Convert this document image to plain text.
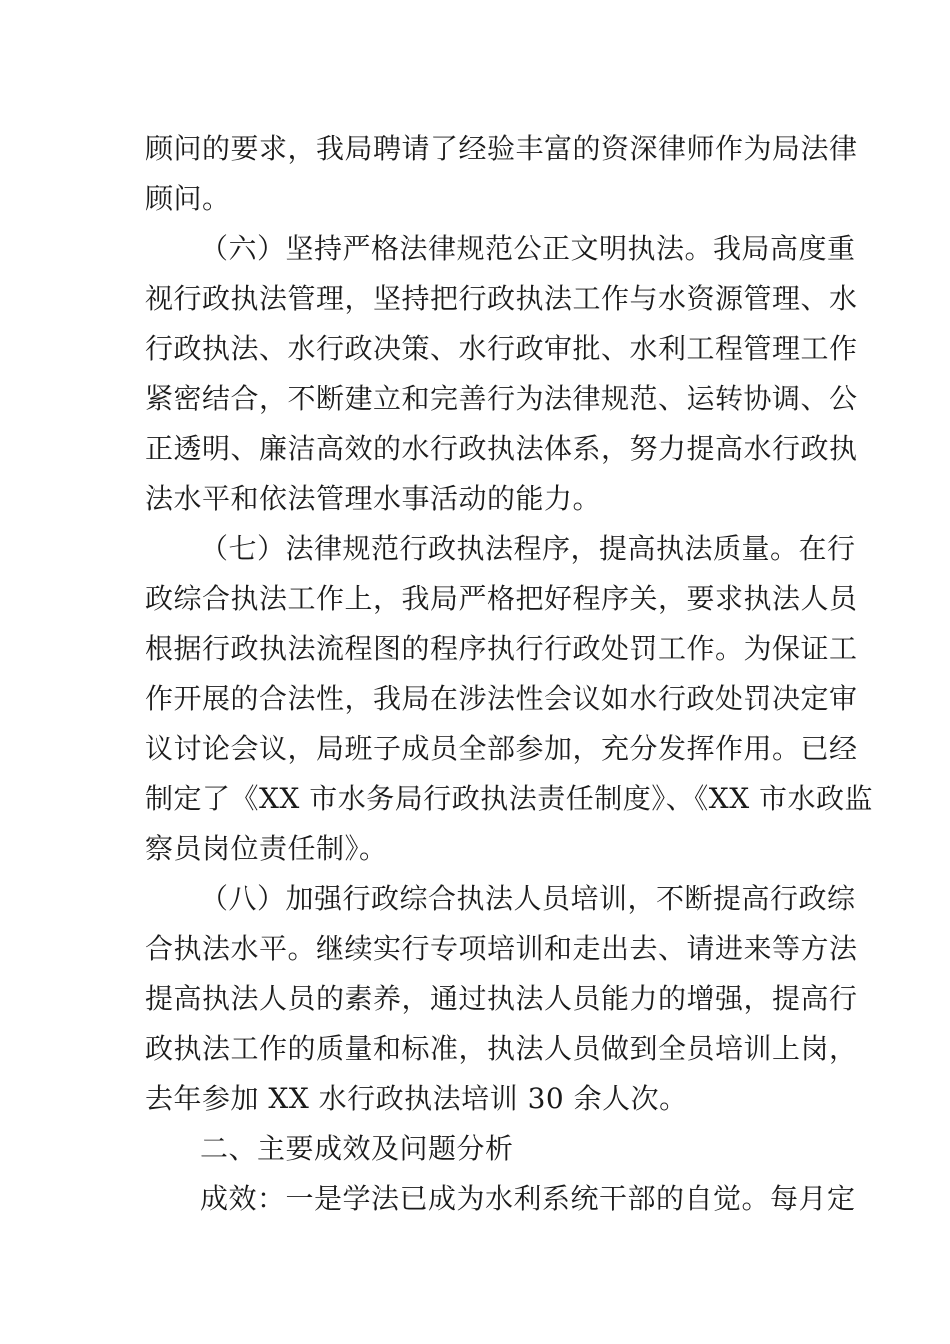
顾问的要求，我局聘请了经验丰富的资深律师作为局法律
顾问。
（六）坚持严格法律规范公正文明执法。我局高度重
视行政执法管理，坚持把行政执法工作与水资源管理、水
行政执法、水行政决策、水行政审批、水利工程管理工作
紧密结合，不断建立和完善行为法律规范、运转协调、公
正透明、廉洁高效的水行政执法体系，努力提高水行政执
法水平和依法管理水事活动的能力。
（七）法律规范行政执法程序，提高执法质量。在行
政综合执法工作上，我局严格把好程序关，要求执法人员
根据行政执法流程图的程序执行行政处罚工作。为保证工
作开展的合法性，我局在涉法性会议如水行政处罚决定审
议讨论会议，局班子成员全部参加，充分发挥作用。已经
制定了《XX 市水务局行政执法责任制度》、《XX 市水政监
察员岗位责任制》。
（八）加强行政综合执法人员培训，不断提高行政综
合执法水平。继续实行专项培训和走出去、请进来等方法
提高执法人员的素养，通过执法人员能力的增强，提高行
政执法工作的质量和标准，执法人员做到全员培训上岗，
去年参加 XX 水行政执法培训 30 余人次。
二、主要成效及问题分析
成效：一是学法已成为水利系统干部的自觉。每月定
